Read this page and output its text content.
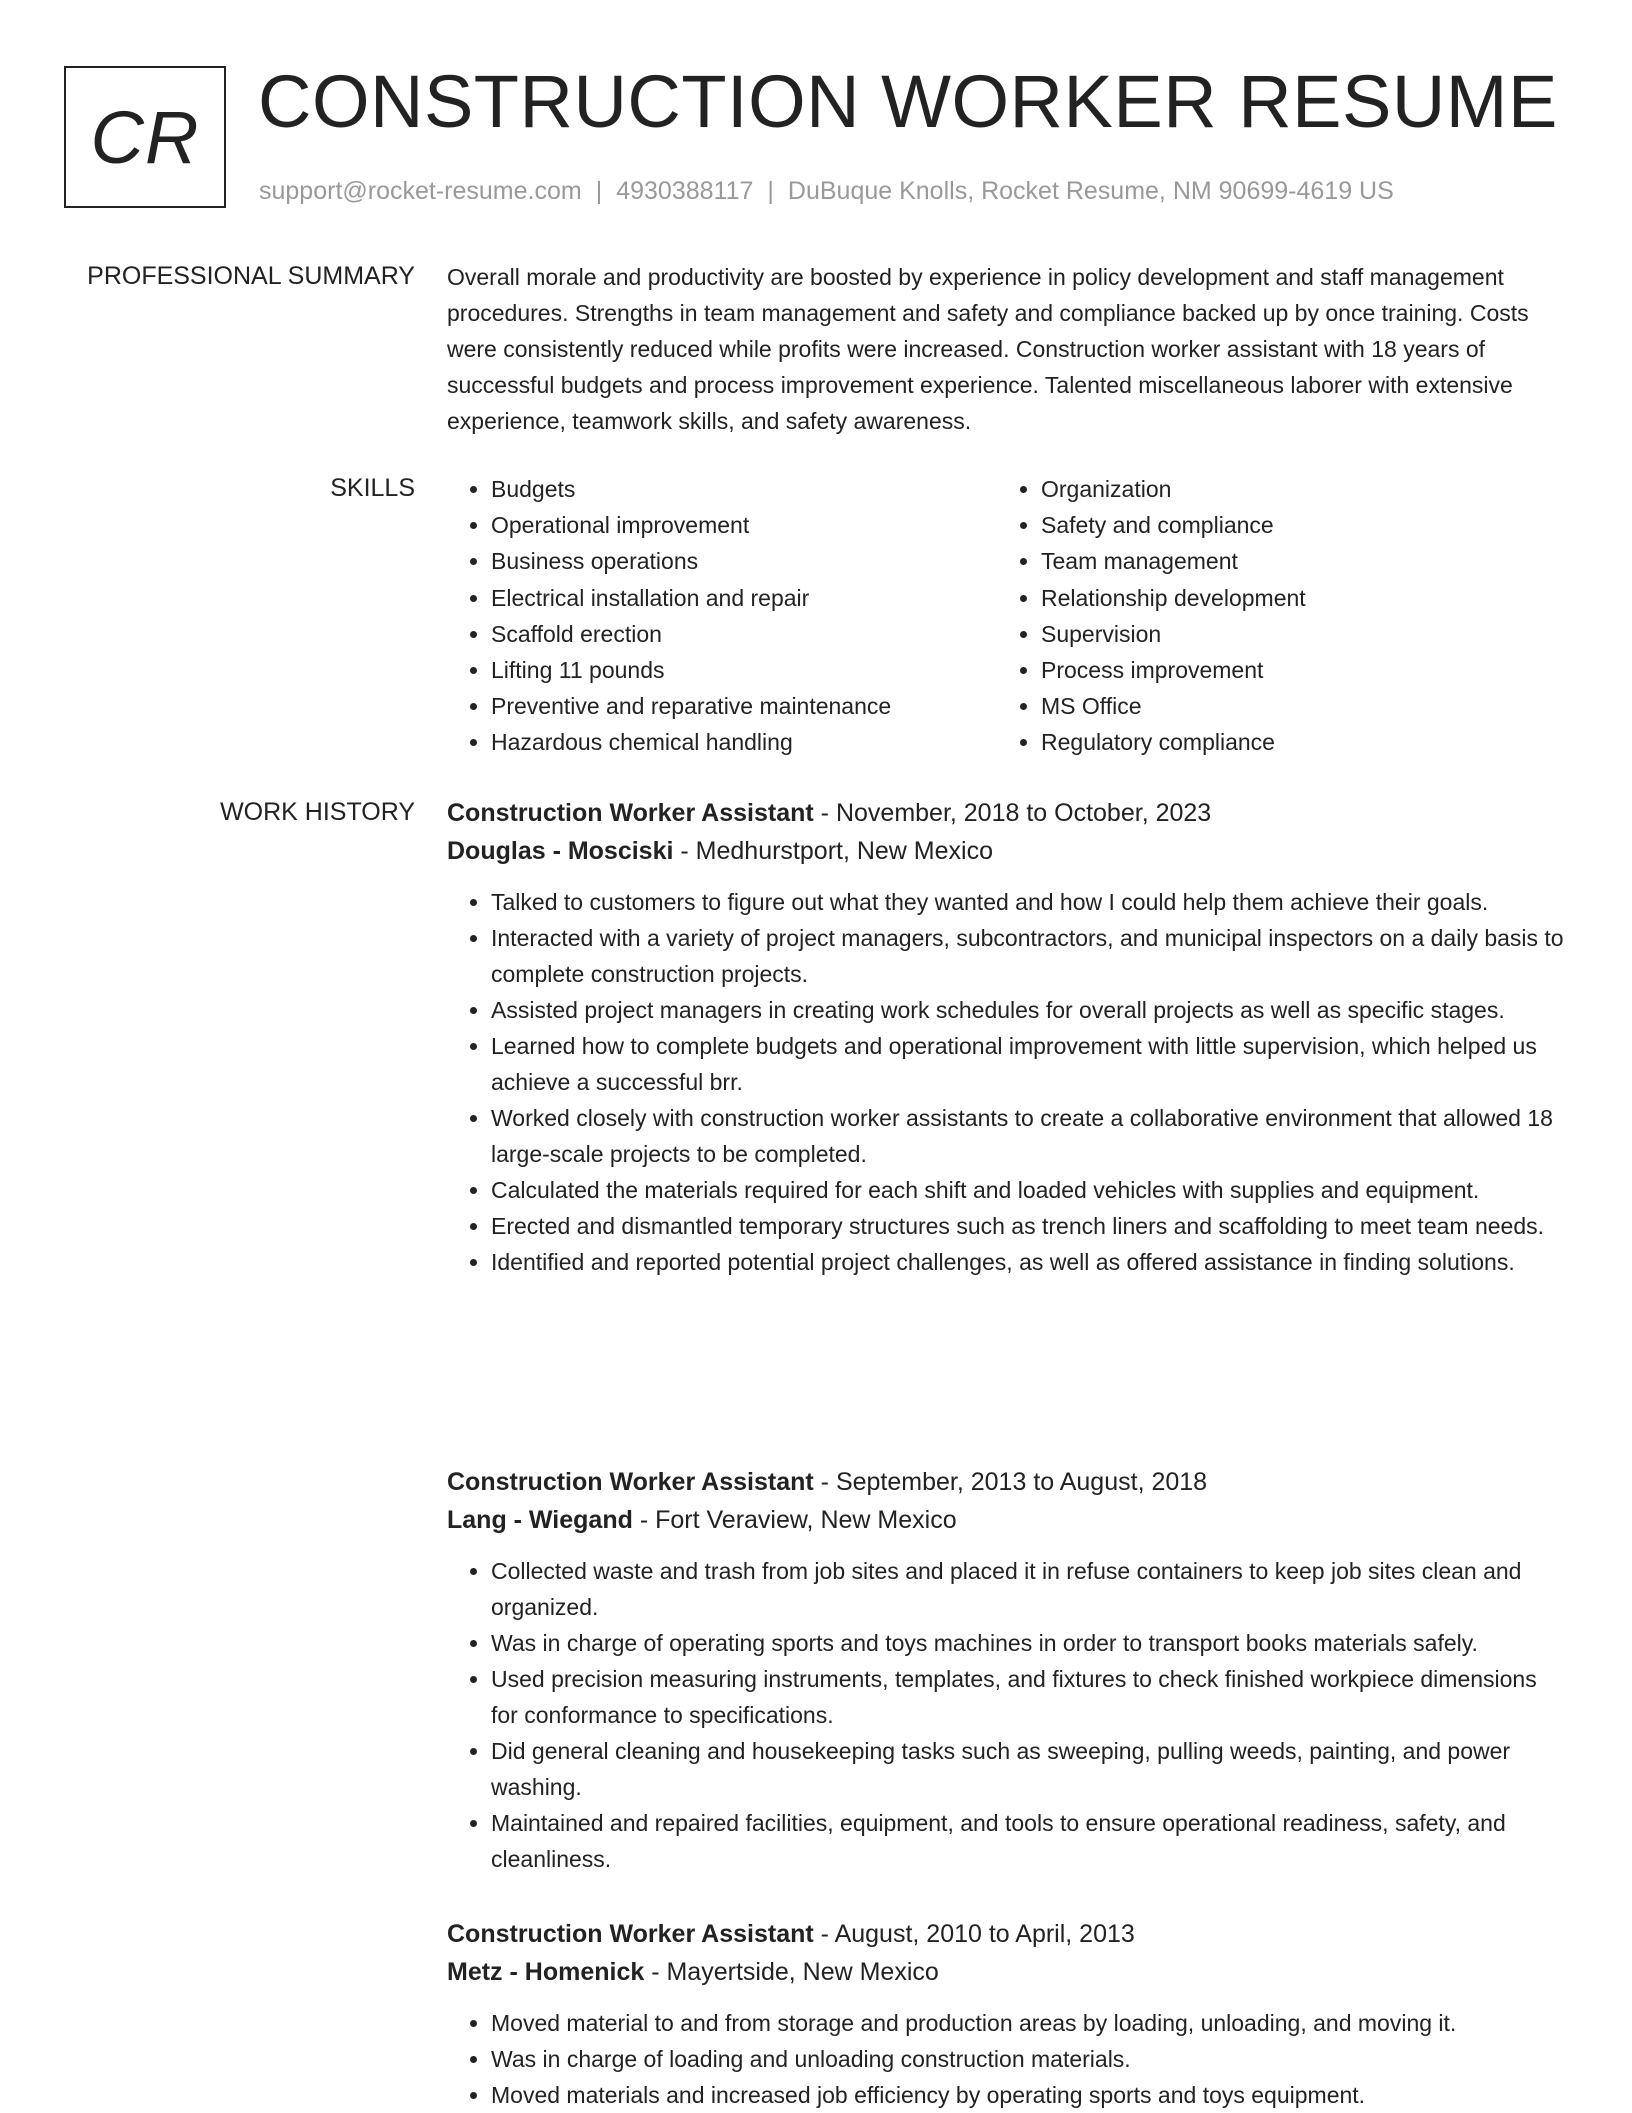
CR CONSTRUCTION WORKER RESUME
support@rocket-resume.com | 4930388117 | DuBuque Knolls, Rocket Resume, NM 90699-4619 US
PROFESSIONAL SUMMARY Overall morale and productivity are boosted by experience in policy development and staff management procedures. Strengths in team management and safety and compliance backed up by once training. Costs were consistently reduced while profits were increased. Construction worker assistant with 18 years of successful budgets and process improvement experience. Talented miscellaneous laborer with extensive experience, teamwork skills, and safety awareness.

SKILLS
•	Budgets
• Operational improvement
• Business operations
• Electrical installation and repair
• Scaffold erection
• Lifting 11 pounds
• Preventive and reparative maintenance
• Hazardous chemical handling
• Organization
• Safety and compliance
• Team management
• Relationship development
• Supervision
• Process improvement
• MS Office
• Regulatory compliance
WORK HISTORY Construction Worker Assistant - November, 2018 to October, 2023
Douglas - Mosciski - Medhurstport, New Mexico
• Talked to customers to figure out what they wanted and how I could help them achieve their goals.
• Interacted with a variety of project managers, subcontractors, and municipal inspectors on a daily basis to complete construction projects.
• Assisted project managers in creating work schedules for overall projects as well as specific stages.
• Learned how to complete budgets and operational improvement with little supervision, which helped us achieve a successful brr.
• Worked closely with construction worker assistants to create a collaborative environment that allowed 18 large-scale projects to be completed.
• Calculated the materials required for each shift and loaded vehicles with supplies and equipment.
• Erected and dismantled temporary structures such as trench liners and scaffolding to meet team needs.
• Identified and reported potential project challenges, as well as offered assistance in finding solutions.
Construction Worker Assistant - September, 2013 to August, 2018
Lang - Wiegand - Fort Veraview, New Mexico
• Collected waste and trash from job sites and placed it in refuse containers to keep job sites clean and organized.
• Was in charge of operating sports and toys machines in order to transport books materials safely.
• Used precision measuring instruments, templates, and fixtures to check finished workpiece dimensions for conformance to specifications.
• Did general cleaning and housekeeping tasks such as sweeping, pulling weeds, painting, and power washing.
• Maintained and repaired facilities, equipment, and tools to ensure operational readiness, safety, and cleanliness.
Construction Worker Assistant - August, 2010 to April, 2013
Metz - Homenick - Mayertside, New Mexico
• Moved material to and from storage and production areas by loading, unloading, and moving it.
• Was in charge of loading and unloading construction materials.
• Moved materials and increased job efficiency by operating sports and toys equipment.
